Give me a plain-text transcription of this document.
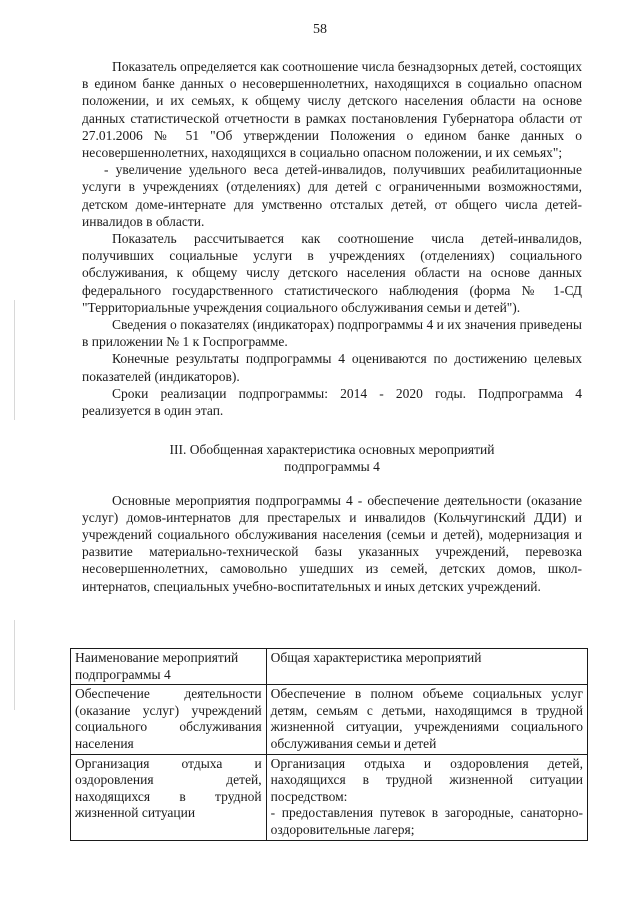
58

Показатель определяется как соотношение числа безнадзорных детей, состоящих в едином банке данных о несовершеннолетних, находящихся в социально опасном положении, и их семьях, к общему числу детского населения области на основе данных статистической отчетности в рамках постановления Губернатора области от 27.01.2006 № 51 "Об утверждении Положения о едином банке данных о несовершеннолетних, находящихся в социально опасном положении, и их семьях";

- увеличение удельного веса детей-инвалидов, получивших реабилитационные услуги в учреждениях (отделениях) для детей с ограниченными возможностями, детском доме-интернате для умственно отсталых детей, от общего числа детей-инвалидов в области.

Показатель рассчитывается как соотношение числа детей-инвалидов, получивших социальные услуги в учреждениях (отделениях) социального обслуживания, к общему числу детского населения области на основе данных федерального государственного статистического наблюдения (форма № 1-СД "Территориальные учреждения социального обслуживания семьи и детей").

Сведения о показателях (индикаторах) подпрограммы 4 и их значения приведены в приложении № 1 к Госпрограмме.

Конечные результаты подпрограммы 4 оцениваются по достижению целевых показателей (индикаторов).

Сроки реализации подпрограммы: 2014 - 2020 годы. Подпрограмма 4 реализуется в один этап.

III. Обобщенная характеристика основных мероприятий
подпрограммы 4

Основные мероприятия подпрограммы 4 - обеспечение деятельности (оказание услуг) домов-интернатов для престарелых и инвалидов (Кольчугинский ДДИ) и учреждений социального обслуживания населения (семьи и детей), модернизация и развитие материально-технической базы указанных учреждений, перевозка несовершеннолетних, самовольно ушедших из семей, детских домов, школ-интернатов, специальных учебно-воспитательных и иных детских учреждений.

Наименование мероприятий подпрограммы 4	Общая характеристика мероприятий
Обеспечение деятельности (оказание услуг) учреждений социального обслуживания населения	Обеспечение в полном объеме социальных услуг детям, семьям с детьми, находящимся в трудной жизненной ситуации, учреждениями социального обслуживания семьи и детей

Организация отдыха и оздоровления детей, находящихся в трудной жизненной ситуации	Организация отдыха и оздоровления детей, находящихся в трудной жизненной ситуации посредством:
- предоставления путевок в загородные, санаторно-оздоровительные лагеря;
